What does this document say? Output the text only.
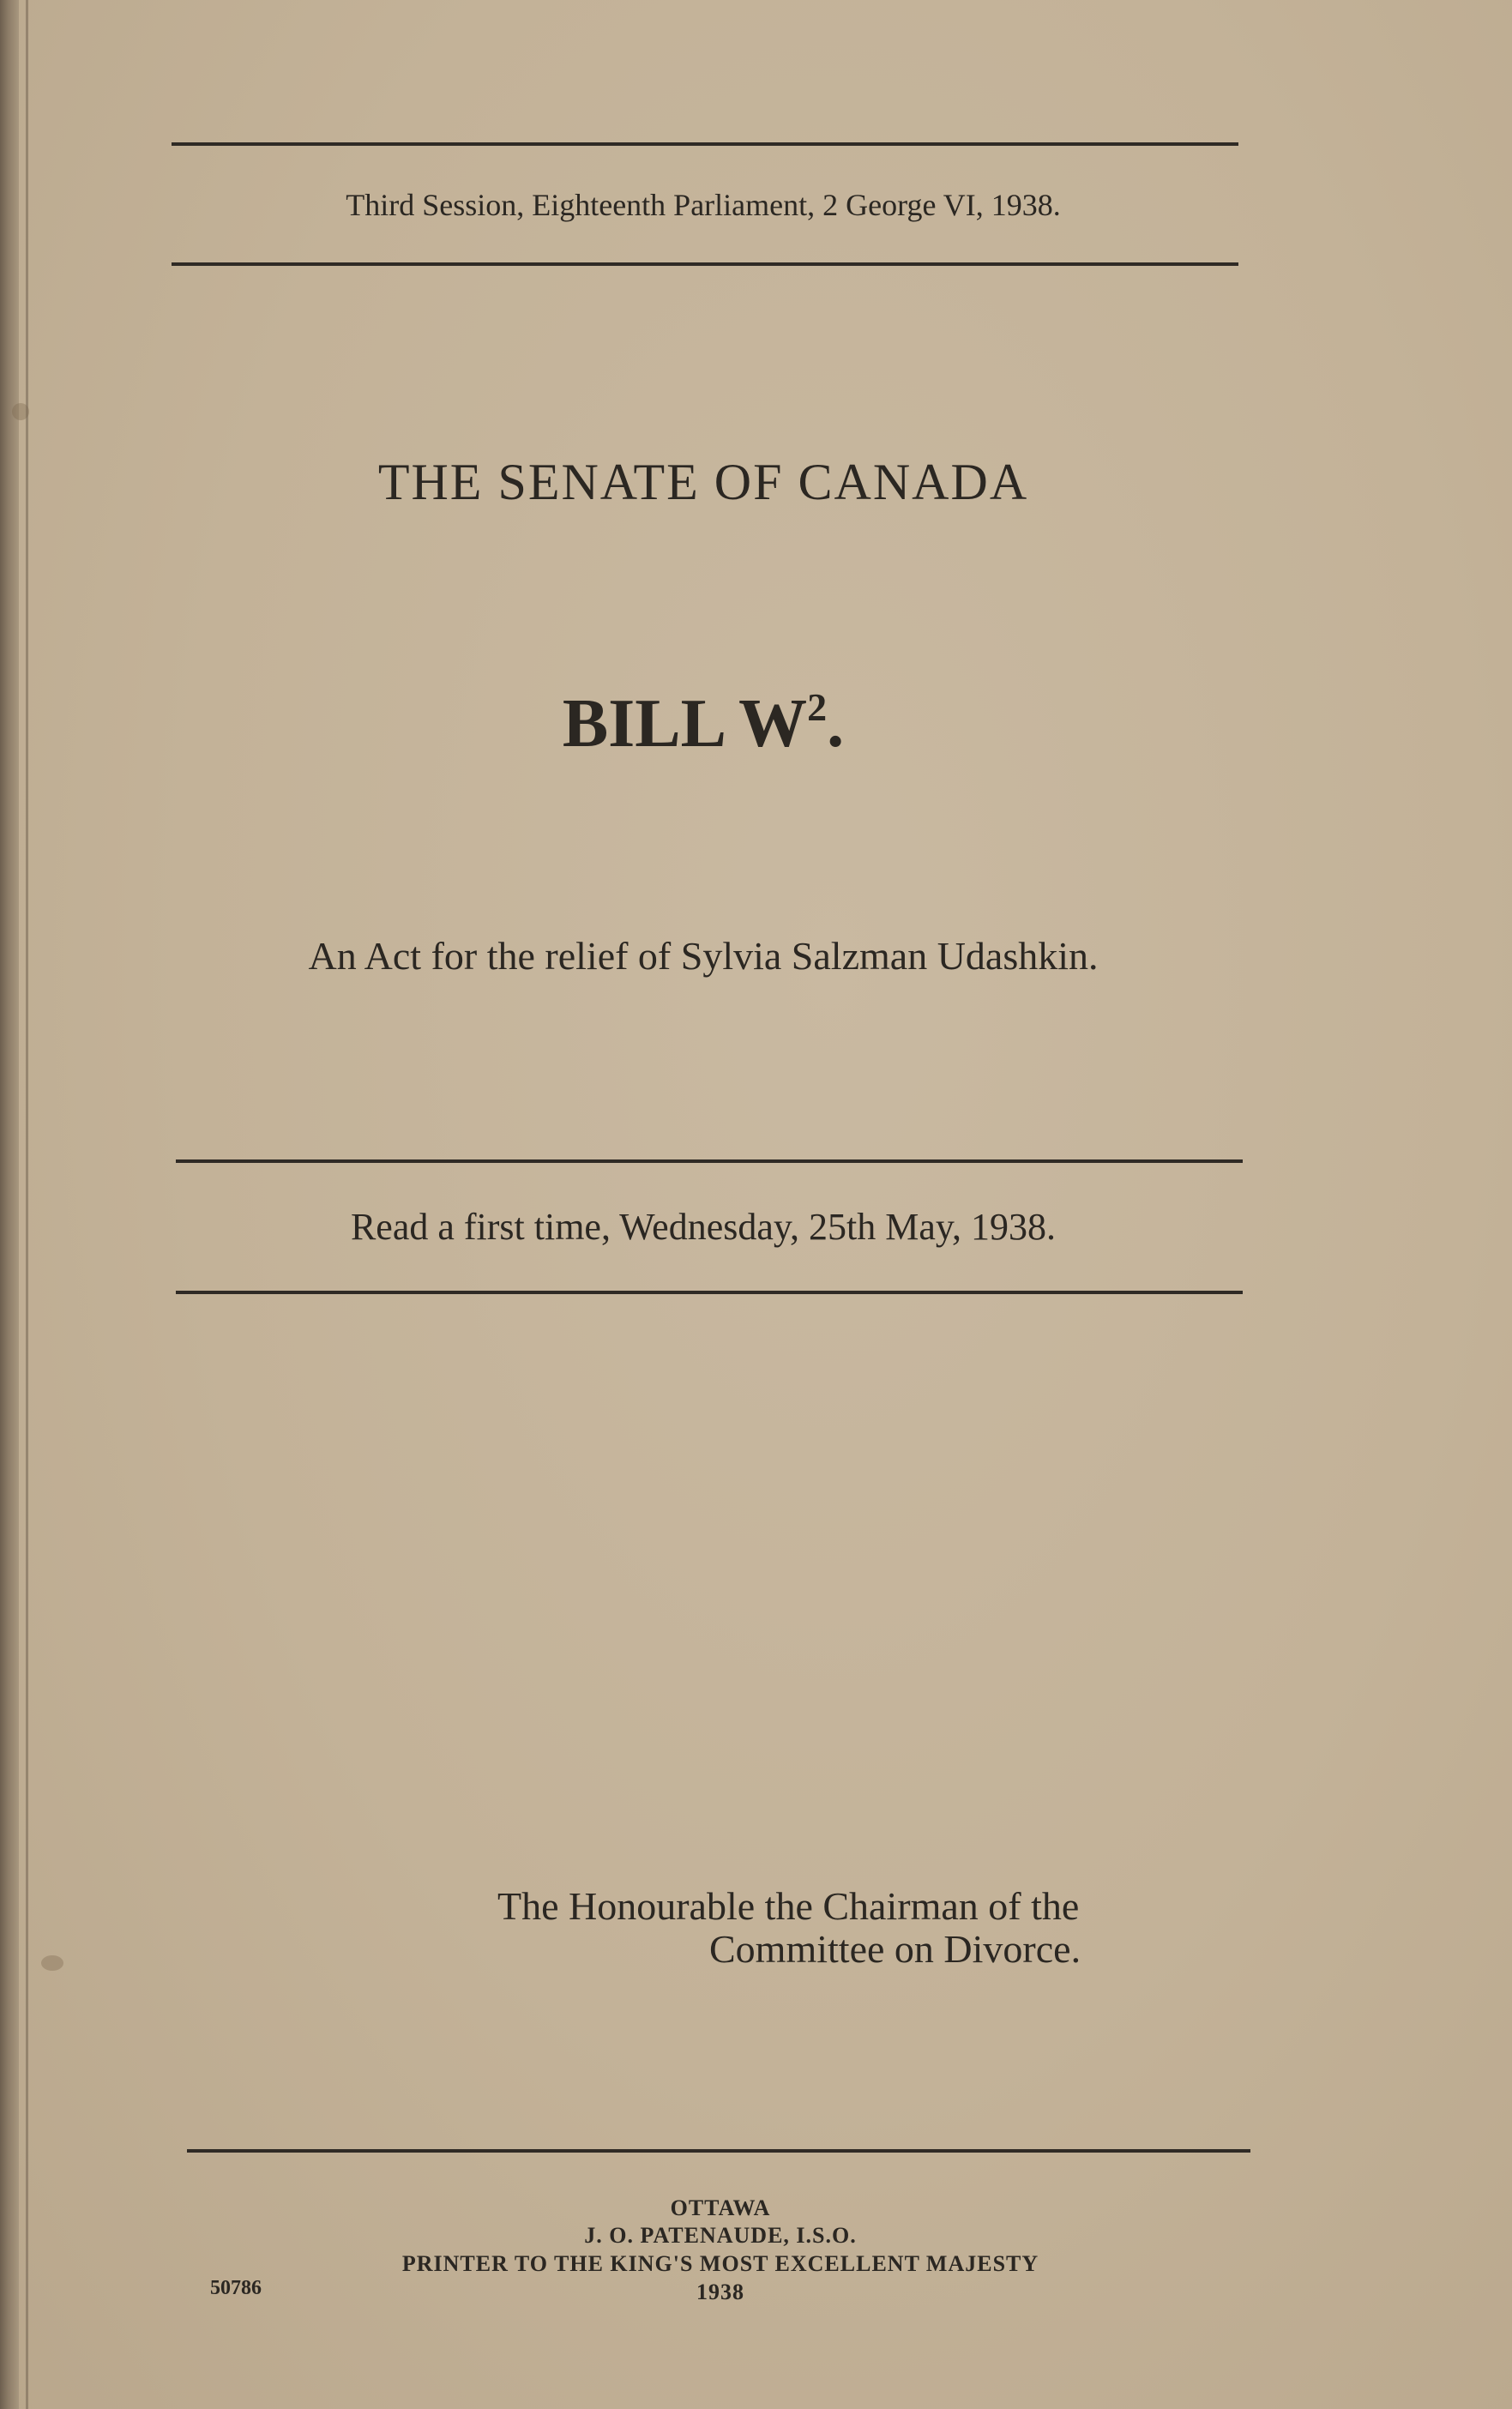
Third Session, Eighteenth Parliament, 2 George VI, 1938.
THE SENATE OF CANADA
BILL $W^2$.
An Act for the relief of Sylvia Salzman Udashkin.
Read a first time, Wednesday, 25th May, 1938.
The Honourable the Chairman of the
Committee on Divorce.
OTTAWA
J. O. PATENAUDE, I.S.O.
PRINTER TO THE KING'S MOST EXCELLENT MAJESTY
1938
50786
